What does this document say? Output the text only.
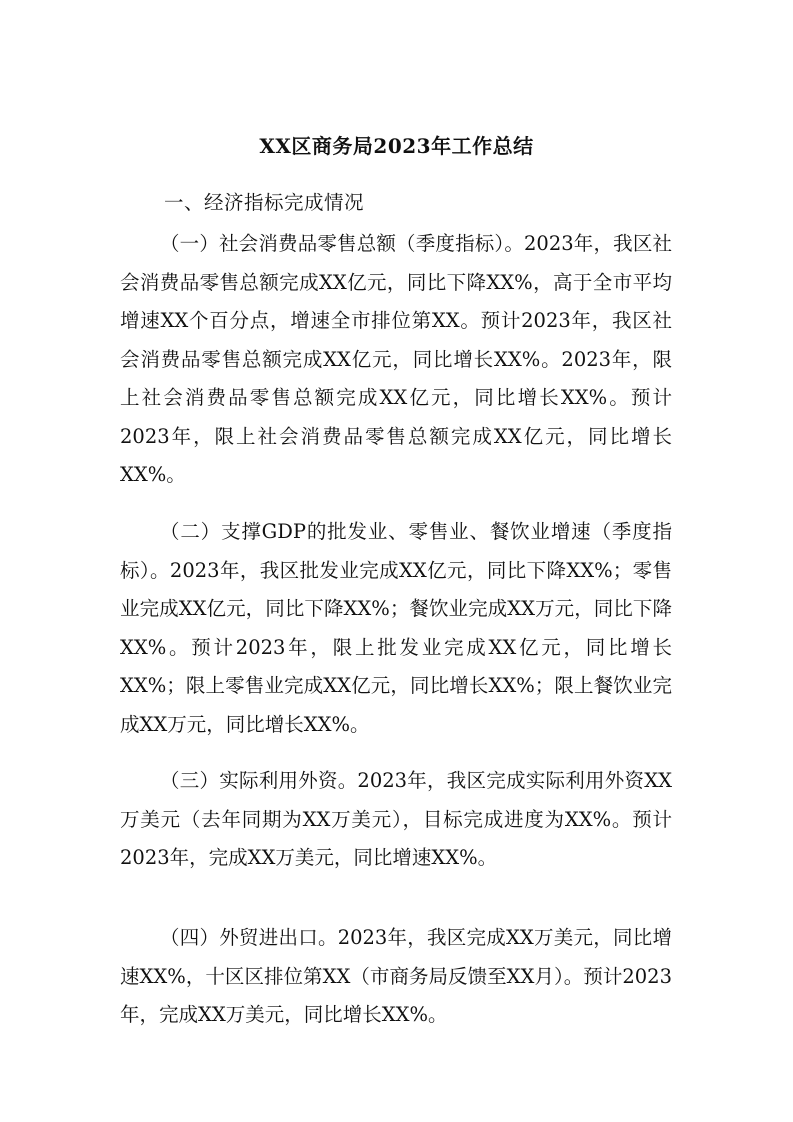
XX区商务局2023年工作总结

一、经济指标完成情况

（一）社会消费品零售总额（季度指标）。2023年，我区社会消费品零售总额完成XX亿元，同比下降XX%，高于全市平均增速XX个百分点，增速全市排位第XX。预计2023年，我区社会消费品零售总额完成XX亿元，同比增长XX%。2023年，限上社会消费品零售总额完成XX亿元，同比增长XX%。预计2023年，限上社会消费品零售总额完成XX亿元，同比增长XX%。

（二）支撑GDP的批发业、零售业、餐饮业增速（季度指标）。2023年，我区批发业完成XX亿元，同比下降XX%；零售业完成XX亿元，同比下降XX%；餐饮业完成XX万元，同比下降XX%。预计2023年，限上批发业完成XX亿元，同比增长XX%；限上零售业完成XX亿元，同比增长XX%；限上餐饮业完成XX万元，同比增长XX%。

（三）实际利用外资。2023年，我区完成实际利用外资XX万美元（去年同期为XX万美元），目标完成进度为XX%。预计2023年，完成XX万美元，同比增速XX%。

（四）外贸进出口。2023年，我区完成XX万美元，同比增速XX%，十区区排位第XX（市商务局反馈至XX月）。预计2023年，完成XX万美元，同比增长XX%。
